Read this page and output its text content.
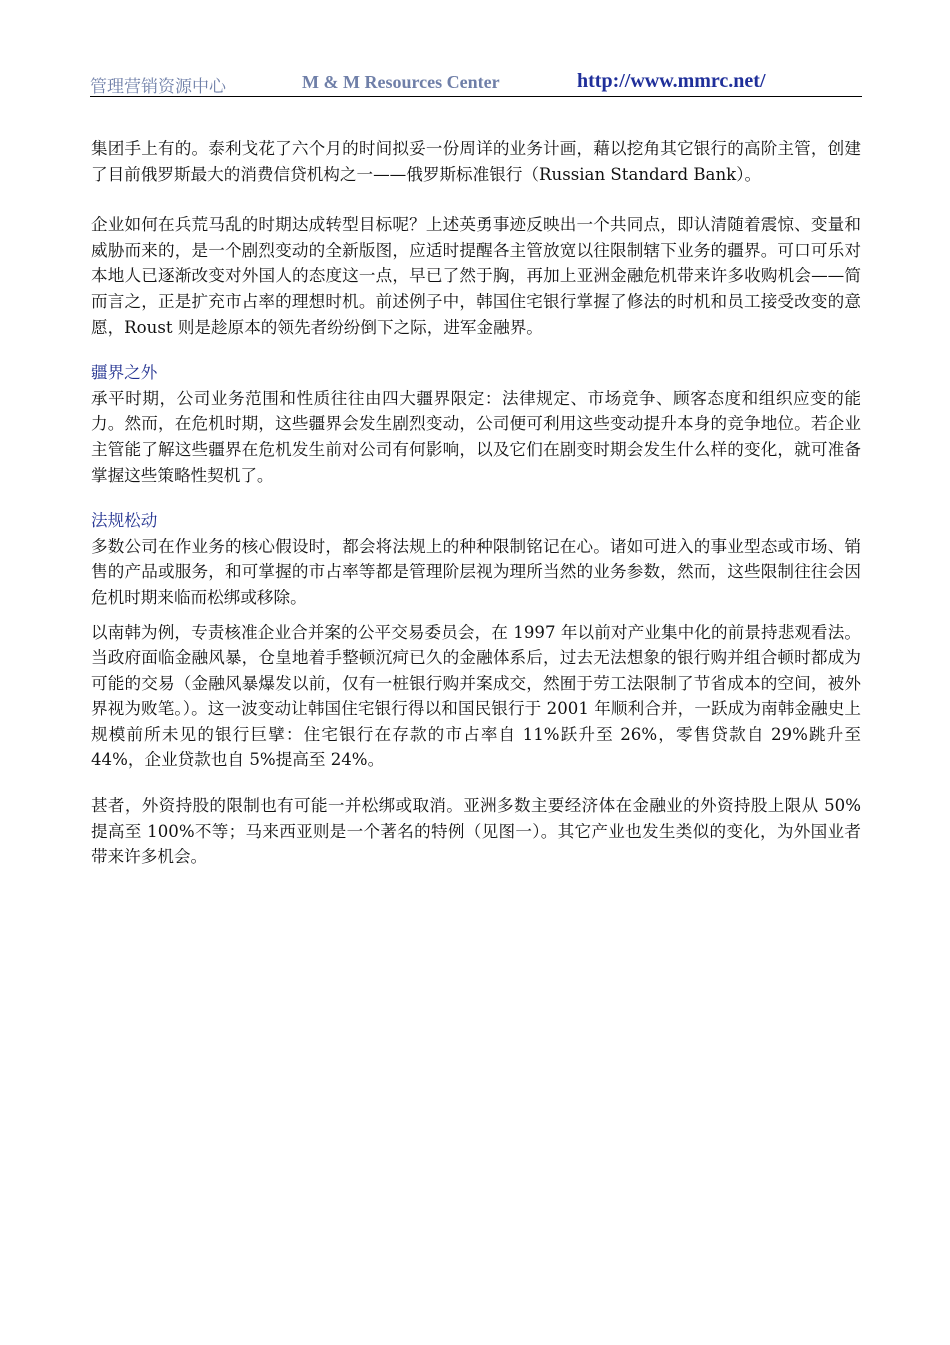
管理营销资源中心	M & M Resources Center	http://www.mmrc.net/

集团手上有的。泰利戈花了六个月的时间拟妥一份周详的业务计画，藉以挖角其它银行的高阶主管，创建了目前俄罗斯最大的消费信贷机构之一——俄罗斯标准银行（Russian Standard Bank）。

企业如何在兵荒马乱的时期达成转型目标呢？上述英勇事迹反映出一个共同点，即认清随着震惊、变量和威胁而来的，是一个剧烈变动的全新版图，应适时提醒各主管放宽以往限制辖下业务的疆界。可口可乐对本地人已逐渐改变对外国人的态度这一点，早已了然于胸，再加上亚洲金融危机带来许多收购机会——简而言之，正是扩充市占率的理想时机。前述例子中，韩国住宅银行掌握了修法的时机和员工接受改变的意愿，Roust 则是趁原本的领先者纷纷倒下之际，进军金融界。

疆界之外

承平时期，公司业务范围和性质往往由四大疆界限定：法律规定、市场竞争、顾客态度和组织应变的能力。然而，在危机时期，这些疆界会发生剧烈变动，公司便可利用这些变动提升本身的竞争地位。若企业主管能了解这些疆界在危机发生前对公司有何影响，以及它们在剧变时期会发生什么样的变化，就可准备掌握这些策略性契机了。

法规松动

多数公司在作业务的核心假设时，都会将法规上的种种限制铭记在心。诸如可进入的事业型态或市场、销售的产品或服务，和可掌握的市占率等都是管理阶层视为理所当然的业务参数，然而，这些限制往往会因危机时期来临而松绑或移除。

以南韩为例，专责核准企业合并案的公平交易委员会，在 1997 年以前对产业集中化的前景持悲观看法。当政府面临金融风暴，仓皇地着手整顿沉疴已久的金融体系后，过去无法想象的银行购并组合顿时都成为可能的交易（金融风暴爆发以前，仅有一桩银行购并案成交，然囿于劳工法限制了节省成本的空间，被外界视为败笔。）。这一波变动让韩国住宅银行得以和国民银行于 2001 年顺利合并，一跃成为南韩金融史上规模前所未见的银行巨擘：住宅银行在存款的市占率自 11%跃升至 26%，零售贷款自 29%跳升至 44%，企业贷款也自 5%提高至 24%。

甚者，外资持股的限制也有可能一并松绑或取消。亚洲多数主要经济体在金融业的外资持股上限从 50%提高至 100%不等；马来西亚则是一个著名的特例（见图一）。其它产业也发生类似的变化，为外国业者带来许多机会。
